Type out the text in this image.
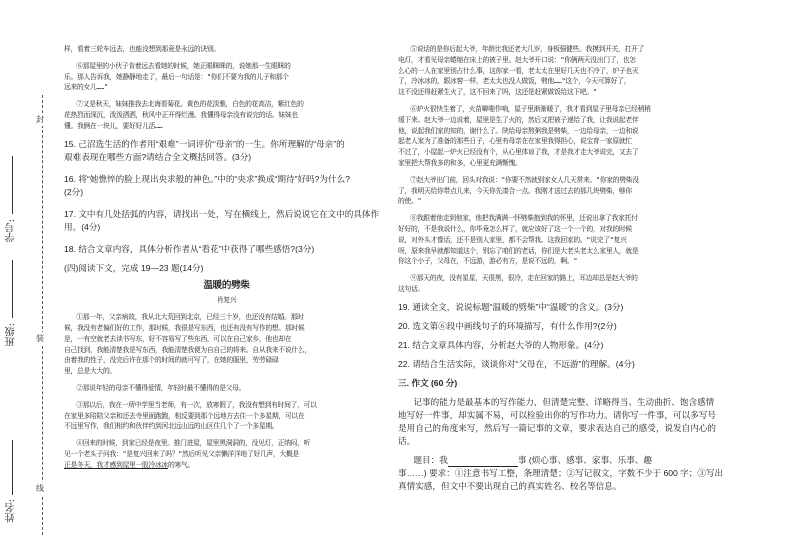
封
装
线
姓名:
班级:
学号:

样，看着三轮车远去，也能没想到那竟是永远的诀别。

⑥那屋里的小伙子肯着远去看她的时候，她正眼眯眯的，说她那一生眼眯的

乐。那人告诉我，她静静地走了，最后一句话是："你们不要为我的儿子和那个

远来的女儿……"

⑦又是秋天，妹妹推我去北海看菊花。黄色的花淡雅，白色的花高洁，紫红色的

花热烈而深沉，泼泼洒洒，秋风中正开得烂漫。我懂得母亲没有说完的话。妹妹也

懂。我俩在一块儿，要好好儿活……

15. 己沼选生活的作者用“艰难”一词评价“母亲”的一生。你所理解的“母亲”的

艰难表现在哪些方面?请结合全文概括回答。(3分)

16. 将“她憔悴的脸上现出央求般的神色。”中的“央求”换成“期待”好吗?为什么?

(2分)

17. 文中有几处括弧的内容，请找出一处，写在横线上，然后说说它在文中的具体作

用。(4分)

18. 结合文章内容，具体分析作者从“看花”中获得了哪些感悟?(3分)

(四)阅读下文，完成 19—23 题(14分)
温暖的劈柴
肖复兴

①那一年，父亲病故，我从北大荒回到北京，已经三十岁，也还没有结婚。那时

候，我没有老偏们好的工作，那时候，我很是写东西，也还有没有写作的想。那时候

是，一有空就老去读书写东，好不容易写了些东西，可以在自己家乡，他也却在

自己找到，我能清楚我是写东西，我能清楚我便为自自己的将来。自从我来不说什么，

由着我的性子，没完后许在那个的时间的就可写了，在她的服里，劳劳碌碌

里，总是大大的。

②那说年轻的母亲不懂得爱情，年轻时最不懂得的是父母。

③那以后，我在一所中学里当老师，有一次，放寒假了，我没有想到有时间了，可以

在家里多陪陪父亲和还去寺里面跑跑，相反要到那个远地方去住一个多星期，可以在

不远里写作，我们相约和伙伴约到河北远山远的山区住几个了一个多星期。

④回来的时候，到家已经是夜里。推门进屋，屋里黑洞洞的，没见灯，正纳闷，听

见一个老头子问我："是复兴回来了吗？"然后听见父亲懒洋洋地了好几声，大概是

正是冬天，我才感到屋里一股冷冰冰的寒气。

⑤说话的是你后起大爷，年龄比我还老大几岁，身板强健些。我摸到开关，打开了

电灯，才看见母亲蜷缩在床上的被子里。赵大爷开口说："你俩两天没出门了，也怎

么心的一人在家里别占什么事，这你家一看，老太太在里好几天也不冷了，炉子也灭

了，冷冰冰的，跟冰窖一样，老太太也没人做饭，劈他……"这个，今天可算好了，

这不没还得赶紧生火了，这不回来了吗，这还是赶紧做饭给这下吧。"

⑥炉火很快生着了，火苗噼啪作响，屋子里渐渐暖了，我才看到屋子里母亲已经稍稍

缓下来。赵大爷一边说着，屋里是生了火的，然后又把被子递给了我，让我说起老伴

他，说起我们家的知的，谢什么了。陕给母亲熬粥我是劈柴，一边给母亲，一边和说

起老人家为了准备的那些日子，心里有母亲在在家里我得担心，说宝育一家原就忙

不过了，小屋起一炉火已经没有个，从心里体谅了我，才是我才走大爷说完，又去了

家里把大帮我多的和多，心里更充满惭愧。

⑦赵大爷出门前，回头对我说："你要不然就别家女人几天常来。"你家的劈柴没

了，我明天给你带点儿来，今天你先凑合一点。我刚才送过去的那几块劈柴，够你

的使。"

⑧我跟着他走到他家，他把我满满一怀劈柴抱到我的怀里，还说出拿了我家托付

好好的，不是我说什么，你毕竟怎么样了，就应该好了这一个一个的，对我的时候

说，对外头才像话，还不是别人家里，都不会帮我。这我回家的。"说完了"复兴

呀，原来我早就都知道这个，别忘了咱们的老话，你们是大老头老太么家里人，就是

你这个小子，父母在，不远游，游必有方，是说不远的，啊。"

⑨那天的夜，没有星星，天很黑，很冷，走在回家的路上，耳边却总是赵大爷的

这句话。

19. 通读全文，说说标题“温暖的劈柴”中“温暖”的含义。(3分)
20. 选文第⑥段中画线句子的环境描写，有什么作用?(2分)
21. 结合文章具体内容，分析赵大爷的人物形象。(4分)
22. 请结合生活实际，谈谈你对“父母在，不远游”的理解。(4分)
三. 作文 (60 分)

记事的能力是最基本的写作能力，但清楚完整、详略得当、生动曲折、饱含感情

地写好一件事，却实属不易，可以检验出你的写作功力。请你写一件事，可以多写号

是用自己的角度来写，然后写一篇记事的文章，要求表达自己的感受，说发自内心的话。

题目：我	事 (烦心事、感事、家事、乐事、趣

事……) 要求：①注意书写工整，条理清楚；②写记叙文，字数不少于 600 字；③写出

真情实感，但文中不要出现自己的真实姓名、校名等信息。
